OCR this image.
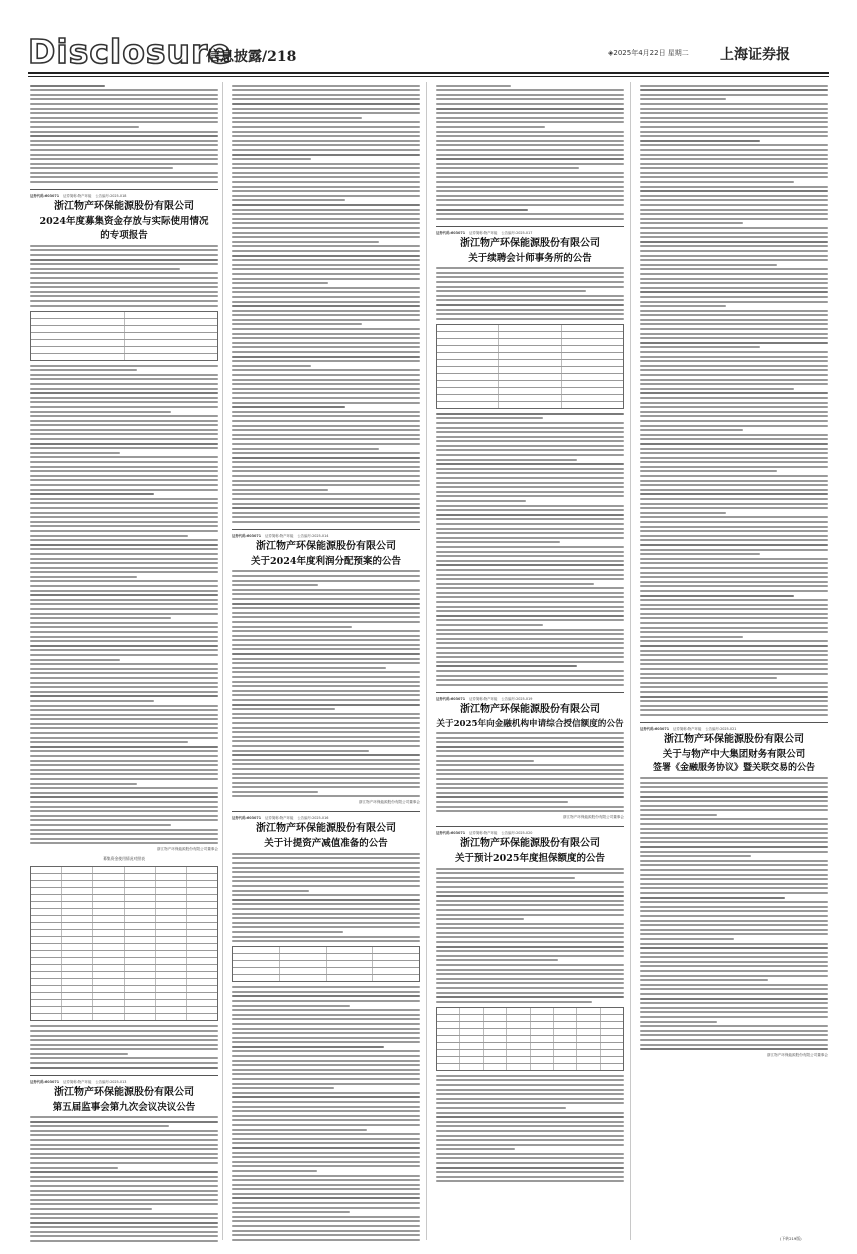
Disclosure
信息披露/218	◈2025年4月22日 星期二 上海证券报
证券代码:603071 证券简称:物产环能 公告编号:2025-018
浙江物产环保能源股份有限公司
2024年度募集资金存放与实际使用情况
的专项报告
浙江物产环保能源股份有限公司董事会
募集资金使用情况对照表
证券代码:603071 证券简称:物产环能 公告编号:2025-013
浙江物产环保能源股份有限公司
第五届监事会第九次会议决议公告
证券代码:603071 证券简称:物产环能 公告编号:2025-014
浙江物产环保能源股份有限公司
关于2024年度利润分配预案的公告
浙江物产环保能源股份有限公司董事会
证券代码:603071 证券简称:物产环能 公告编号:2025-016
浙江物产环保能源股份有限公司
关于计提资产减值准备的公告
证券代码:603071 证券简称:物产环能 公告编号:2025-017
浙江物产环保能源股份有限公司
关于续聘会计师事务所的公告
证券代码:603071 证券简称:物产环能 公告编号:2025-019
浙江物产环保能源股份有限公司
关于2025年向金融机构申请综合授信额度的公告
浙江物产环保能源股份有限公司董事会
证券代码:603071 证券简称:物产环能 公告编号:2025-020
浙江物产环保能源股份有限公司
关于预计2025年度担保额度的公告
证券代码:603071 证券简称:物产环能 公告编号:2025-021
浙江物产环保能源股份有限公司
关于与物产中大集团财务有限公司
签署《金融服务协议》暨关联交易的公告
浙江物产环保能源股份有限公司董事会
(下转219版)
